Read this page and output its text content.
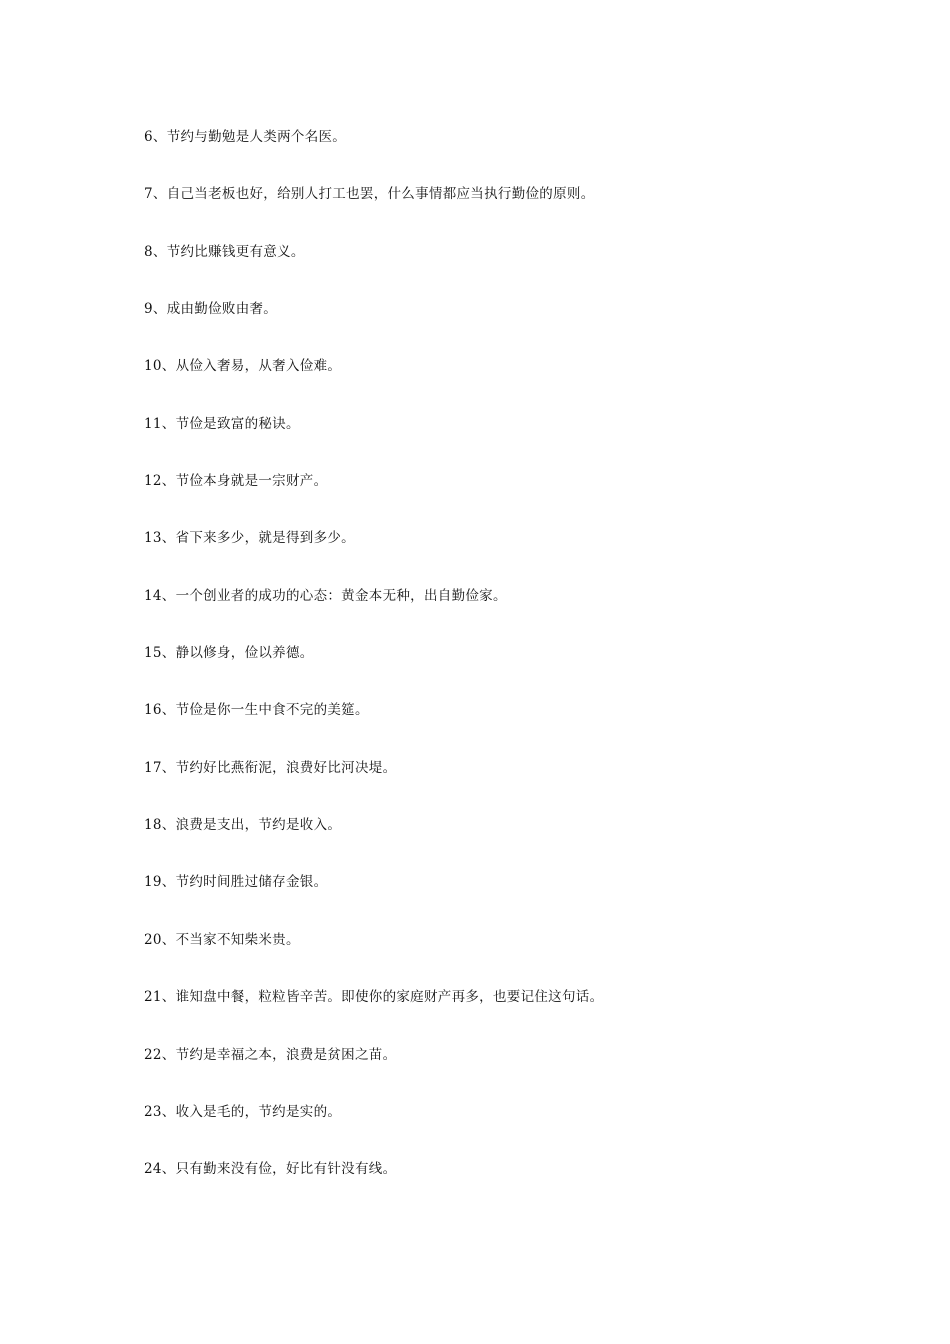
6、节约与勤勉是人类两个名医。
7、自己当老板也好，给别人打工也罢，什么事情都应当执行勤俭的原则。
8、节约比赚钱更有意义。
9、成由勤俭败由奢。
10、从俭入奢易，从奢入俭难。
11、节俭是致富的秘诀。
12、节俭本身就是一宗财产。
13、省下来多少，就是得到多少。
14、一个创业者的成功的心态：黄金本无种，出自勤俭家。
15、静以修身，俭以养德。
16、节俭是你一生中食不完的美筵。
17、节约好比燕衔泥，浪费好比河决堤。
18、浪费是支出，节约是收入。
19、节约时间胜过储存金银。
20、不当家不知柴米贵。
21、谁知盘中餐，粒粒皆辛苦。即使你的家庭财产再多，也要记住这句话。
22、节约是幸福之本，浪费是贫困之苗。
23、收入是毛的，节约是实的。
24、只有勤来没有俭，好比有针没有线。
